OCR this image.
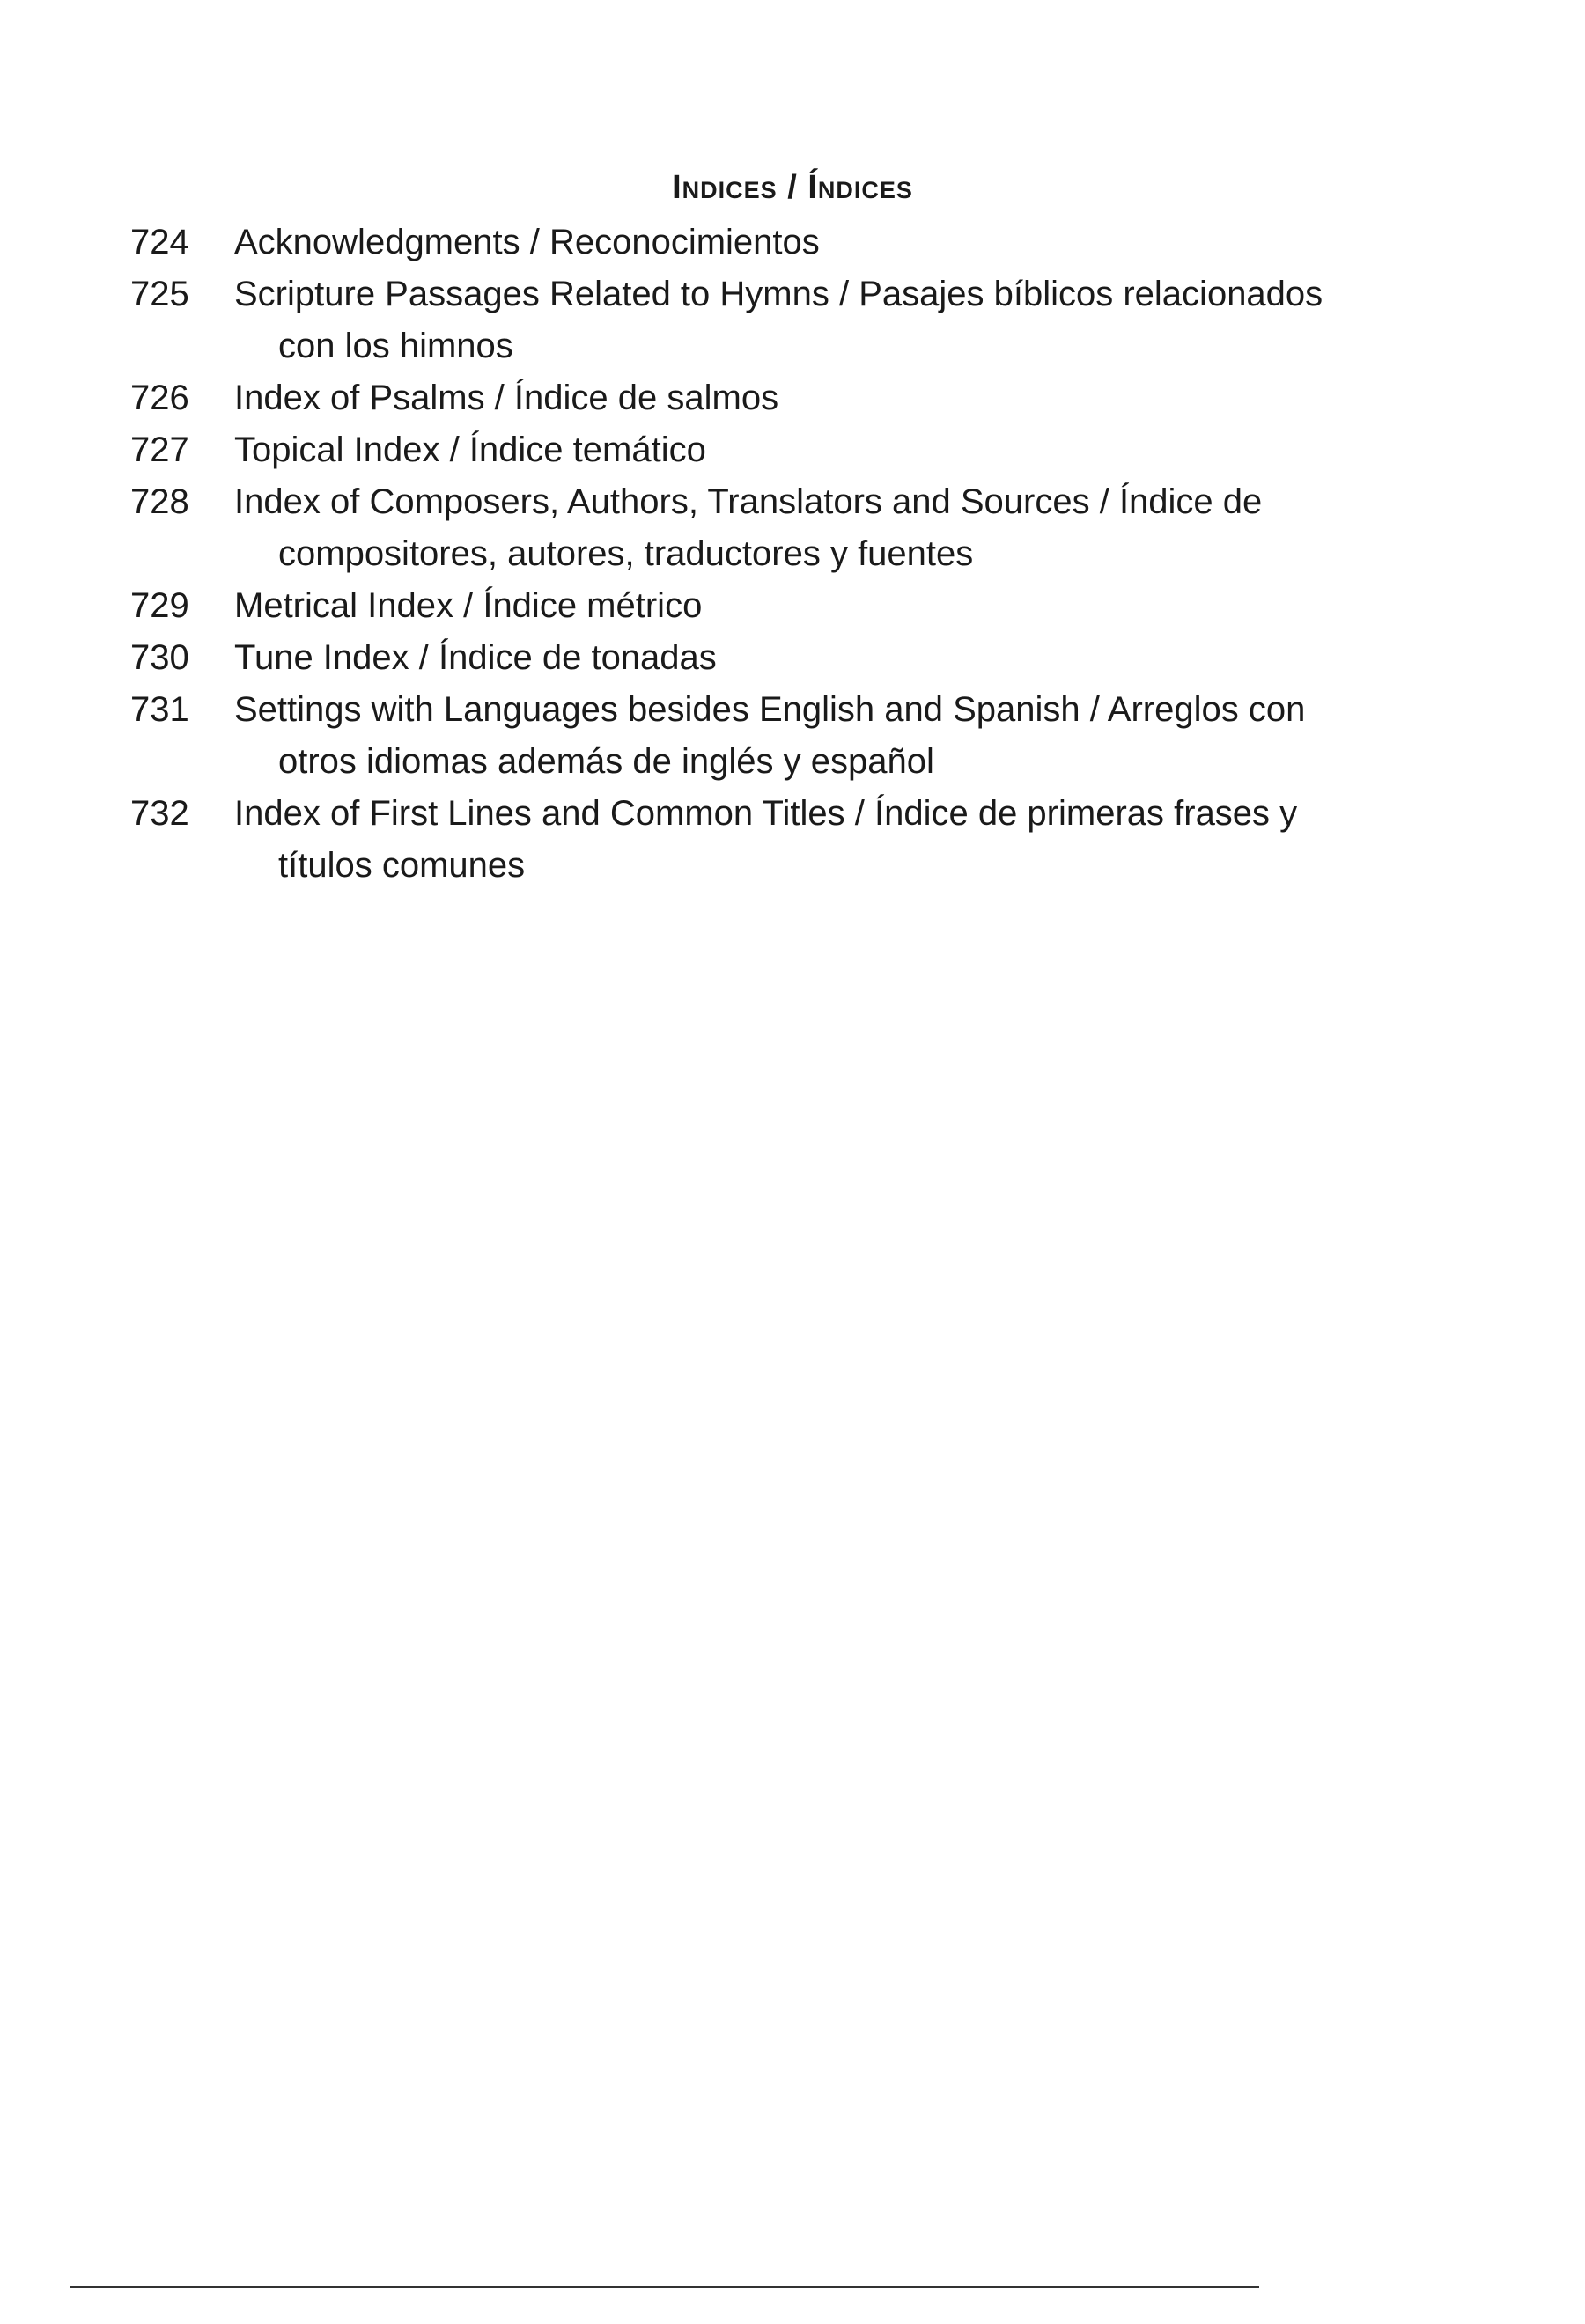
Indices / Índices
724	Acknowledgments / Reconocimientos
725	Scripture Passages Related to Hymns / Pasajes bíblicos relacionados con los himnos
726	Index of Psalms / Índice de salmos
727	Topical Index / Índice temático
728	Index of Composers, Authors, Translators and Sources / Índice de compositores, autores, traductores y fuentes
729	Metrical Index / Índice métrico
730	Tune Index / Índice de tonadas
731	Settings with Languages besides English and Spanish / Arreglos con otros idiomas además de inglés y español
732	Index of First Lines and Common Titles / Índice de primeras frases y títulos comunes
